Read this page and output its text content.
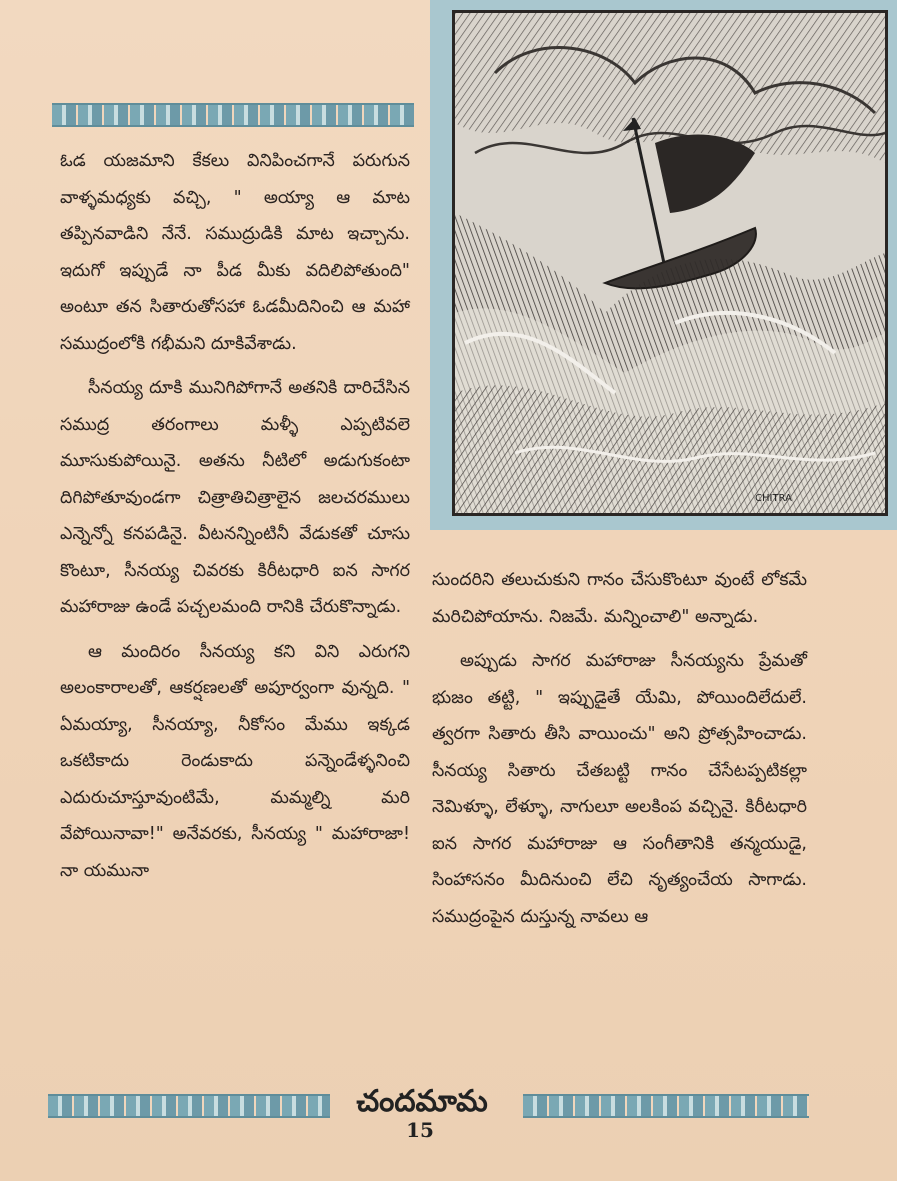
ఓడ యజమాని కేకలు వినిపించగానే పరుగున వాళ్ళమధ్యకు వచ్చి, " అయ్యా ఆ మాట తప్పినవాడిని నేనే. సముద్రుడికి మాట ఇచ్చాను. ఇదుగో ఇప్పుడే నా పీడ మీకు వదిలిపోతుంది" అంటూ తన సితారుతోసహా ఓడమీదినించి ఆ మహా సముద్రంలోకి గభీమని దూకివేశాడు.

సీనయ్య దూకి మునిగిపోగానే అతనికి దారిచేసిన సముద్ర తరంగాలు మళ్ళీ ఎప్పటివలె మూసుకుపోయినై. అతను నీటిలో అడుగుకంటా దిగిపోతూవుండగా చిత్రాతిచిత్రాలైన జలచరములు ఎన్నెన్నో కనపడినై. వీటనన్నింటినీ వేడుకతో చూసు కొంటూ, సీనయ్య చివరకు కిరీటధారి ఐన సాగర మహారాజు ఉండే పచ్చలమంది రానికి చేరుకొన్నాడు.

ఆ మందిరం సీనయ్య కని విని ఎరుగని అలంకారాలతో, ఆకర్షణలతో అపూర్వంగా వున్నది. " ఏమయ్యా, సీనయ్యా, నీకోసం మేము ఇక్కడ ఒకటికాదు రెండుకాదు పన్నెండేళ్ళనించి ఎదురుచూస్తూవుంటిమే, మమ్మల్ని మరి వేపోయినావా!" అనేవరకు, సీనయ్య " మహారాజా! నా యమునా

CHITRA

సుందరిని తలుచుకుని గానం చేసుకొంటూ వుంటే లోకమే మరిచిపోయాను. నిజమే. మన్నించాలి" అన్నాడు.

అప్పుడు సాగర మహారాజు సీనయ్యను ప్రేమతో భుజం తట్టి, " ఇప్పుడైతే యేమి, పోయిందిలేదులే. త్వరగా సితారు తీసి వాయించు" అని ప్రోత్సహించాడు. సీనయ్య సితారు చేతబట్టి గానం చేసేటప్పటికల్లా నెమిళ్ళూ, లేళ్ళూ, నాగులూ అలకింప వచ్చినై. కిరీటధారి ఐన సాగర మహారాజు ఆ సంగీతానికి తన్మయుడై, సింహాసనం మీదినుంచి లేచి నృత్యంచేయ సాగాడు. సముద్రంపైన దుస్తున్న నావలు ఆ

చందమామ
15
